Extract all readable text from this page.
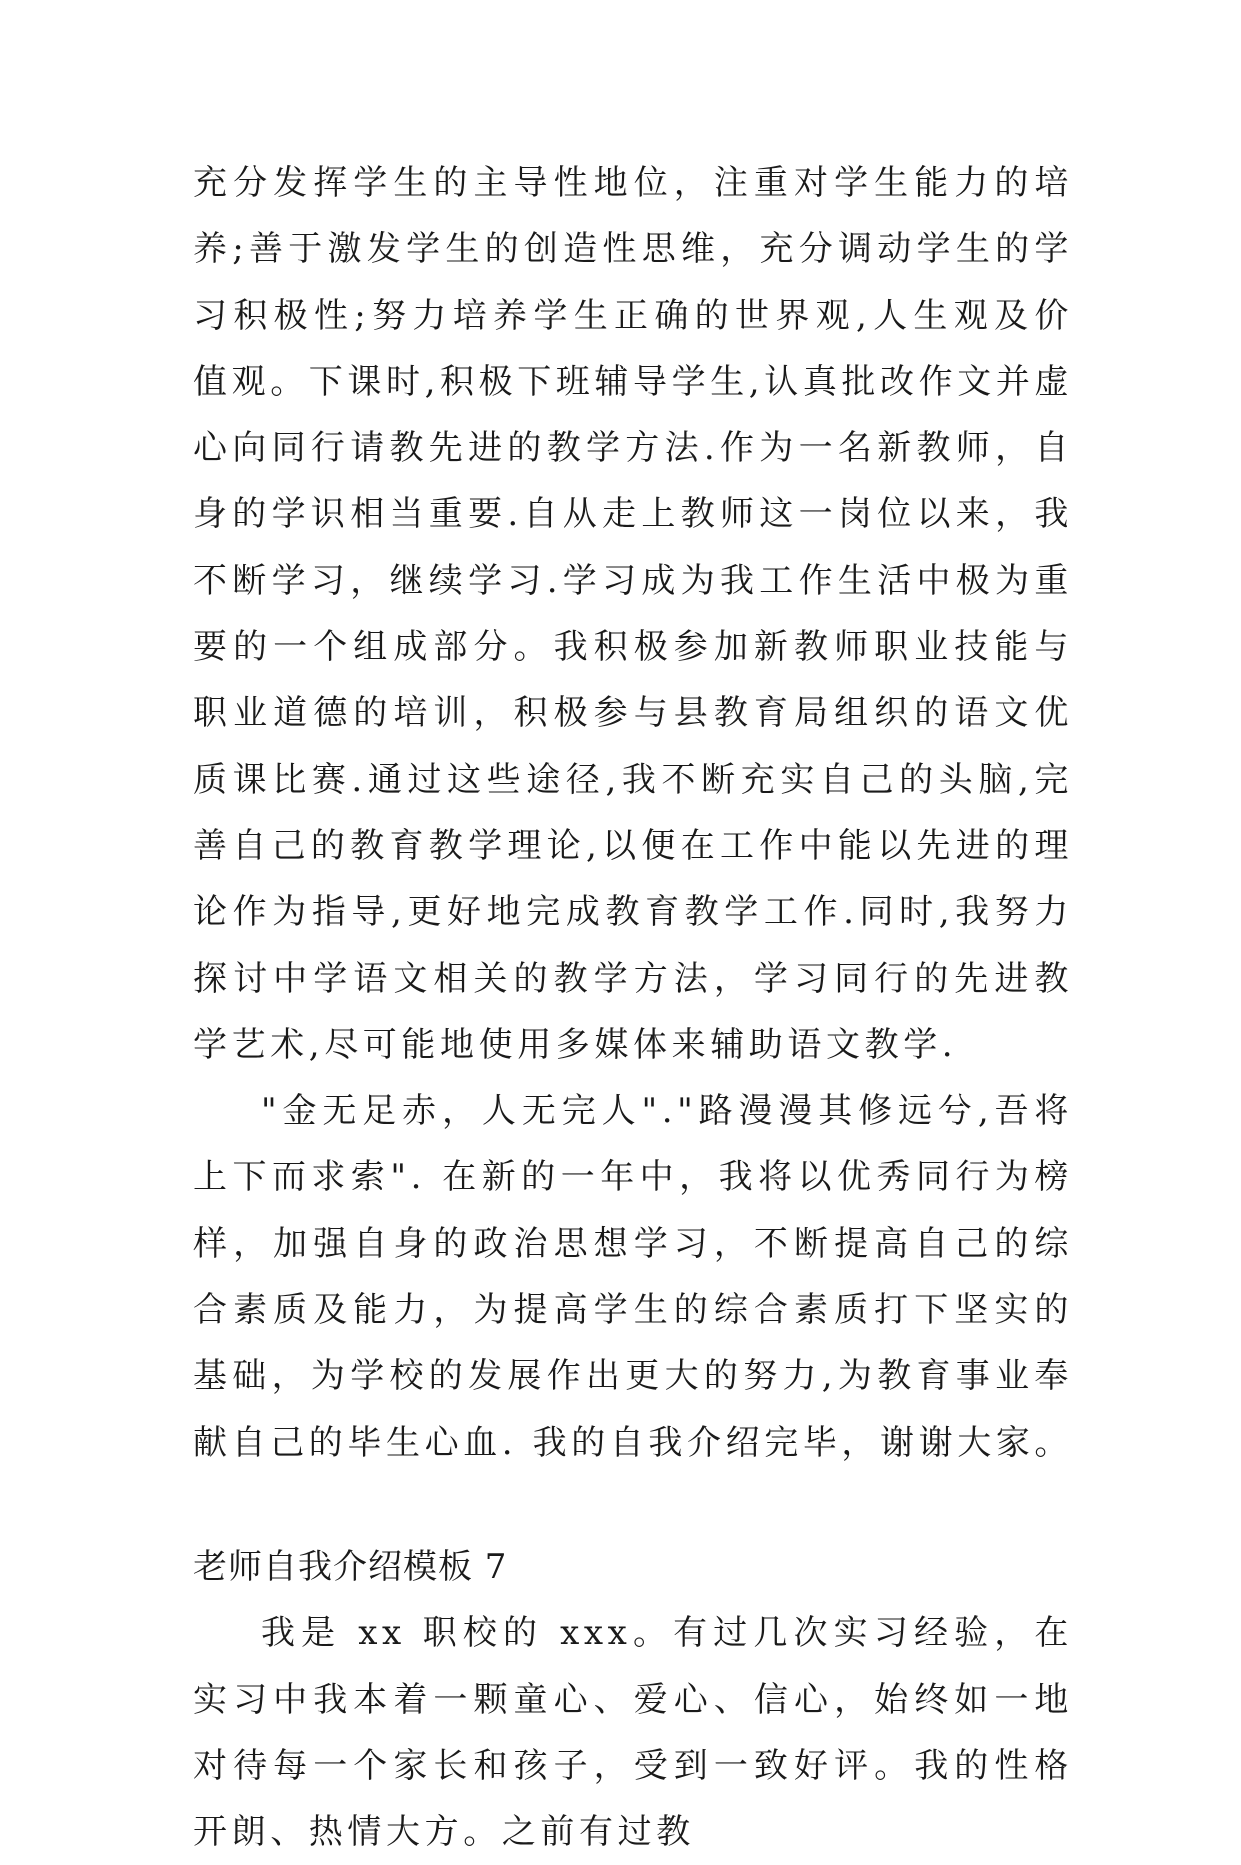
充分发挥学生的主导性地位，注重对学生能力的培养;善于激发学生的创造性思维，充分调动学生的学习积极性;努力培养学生正确的世界观,人生观及价值观。下课时,积极下班辅导学生,认真批改作文并虚心向同行请教先进的教学方法.作为一名新教师，自身的学识相当重要.自从走上教师这一岗位以来，我不断学习，继续学习.学习成为我工作生活中极为重要的一个组成部分。我积极参加新教师职业技能与职业道德的培训，积极参与县教育局组织的语文优质课比赛.通过这些途径,我不断充实自己的头脑,完善自己的教育教学理论,以便在工作中能以先进的理论作为指导,更好地完成教育教学工作.同时,我努力探讨中学语文相关的教学方法，学习同行的先进教学艺术,尽可能地使用多媒体来辅助语文教学.

"金无足赤，人无完人"."路漫漫其修远兮,吾将上下而求索". 在新的一年中，我将以优秀同行为榜样，加强自身的政治思想学习，不断提高自己的综合素质及能力，为提高学生的综合素质打下坚实的基础，为学校的发展作出更大的努力,为教育事业奉献自己的毕生心血. 我的自我介绍完毕，谢谢大家。

老师自我介绍模板 7

我是 xx 职校的 xxx。有过几次实习经验，在实习中我本着一颗童心、爱心、信心，始终如一地对待每一个家长和孩子，受到一致好评。我的性格开朗、热情大方。之前有过教
